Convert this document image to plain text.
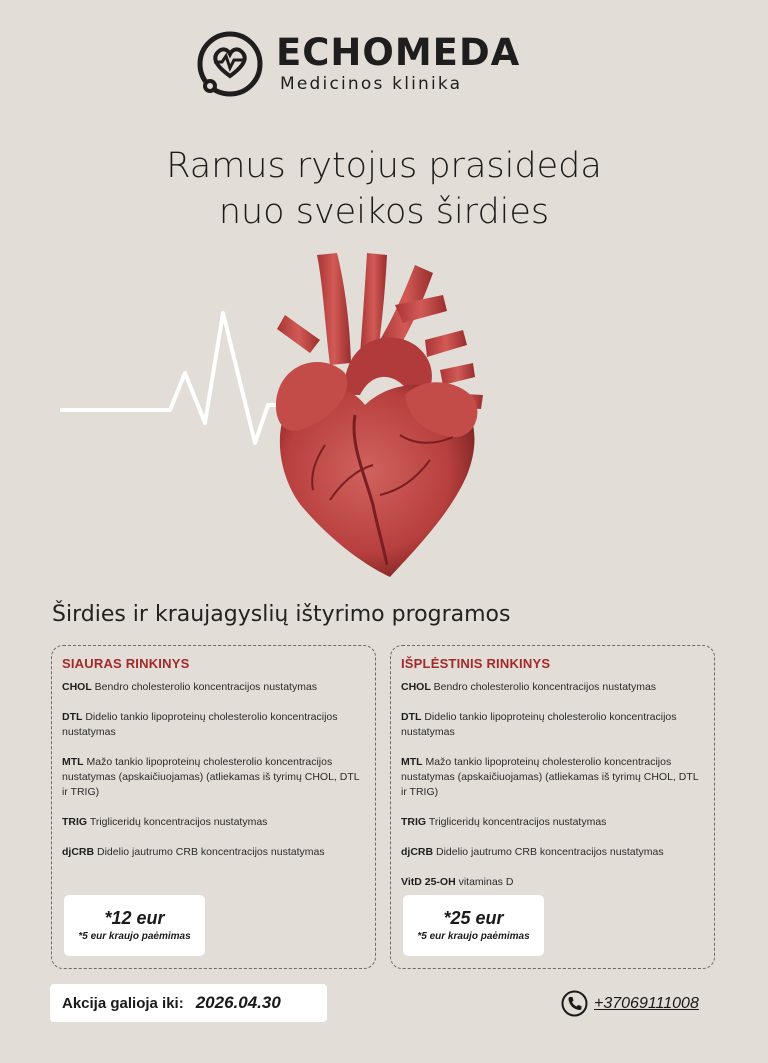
ECHOMEDA
Medicinos klinika
Ramus rytojus prasideda
nuo sveikos širdies
Širdies ir kraujagyslių ištyrimo programos
SIAURAS RINKINYS
CHOL Bendro cholesterolio koncentracijos nustatymas
DTL Didelio tankio lipoproteinų cholesterolio koncentracijos nustatymas
MTL Mažo tankio lipoproteinų cholesterolio koncentracijos nustatymas (apskaičiuojamas) (atliekamas iš tyrimų CHOL, DTL ir TRIG)
TRIG Trigliceridų koncentracijos nustatymas
djCRB Didelio jautrumo CRB koncentracijos nustatymas
*12 eur
*5 eur kraujo paėmimas
IŠPLĖSTINIS RINKINYS
CHOL Bendro cholesterolio koncentracijos nustatymas
DTL Didelio tankio lipoproteinų cholesterolio koncentracijos nustatymas
MTL Mažo tankio lipoproteinų cholesterolio koncentracijos nustatymas (apskaičiuojamas) (atliekamas iš tyrimų CHOL, DTL ir TRIG)
TRIG Trigliceridų koncentracijos nustatymas
djCRB Didelio jautrumo CRB koncentracijos nustatymas
VitD 25-OH vitaminas D
*25 eur
*5 eur kraujo paėmimas
Akcija galioja iki: 2026.04.30	+37069111008
